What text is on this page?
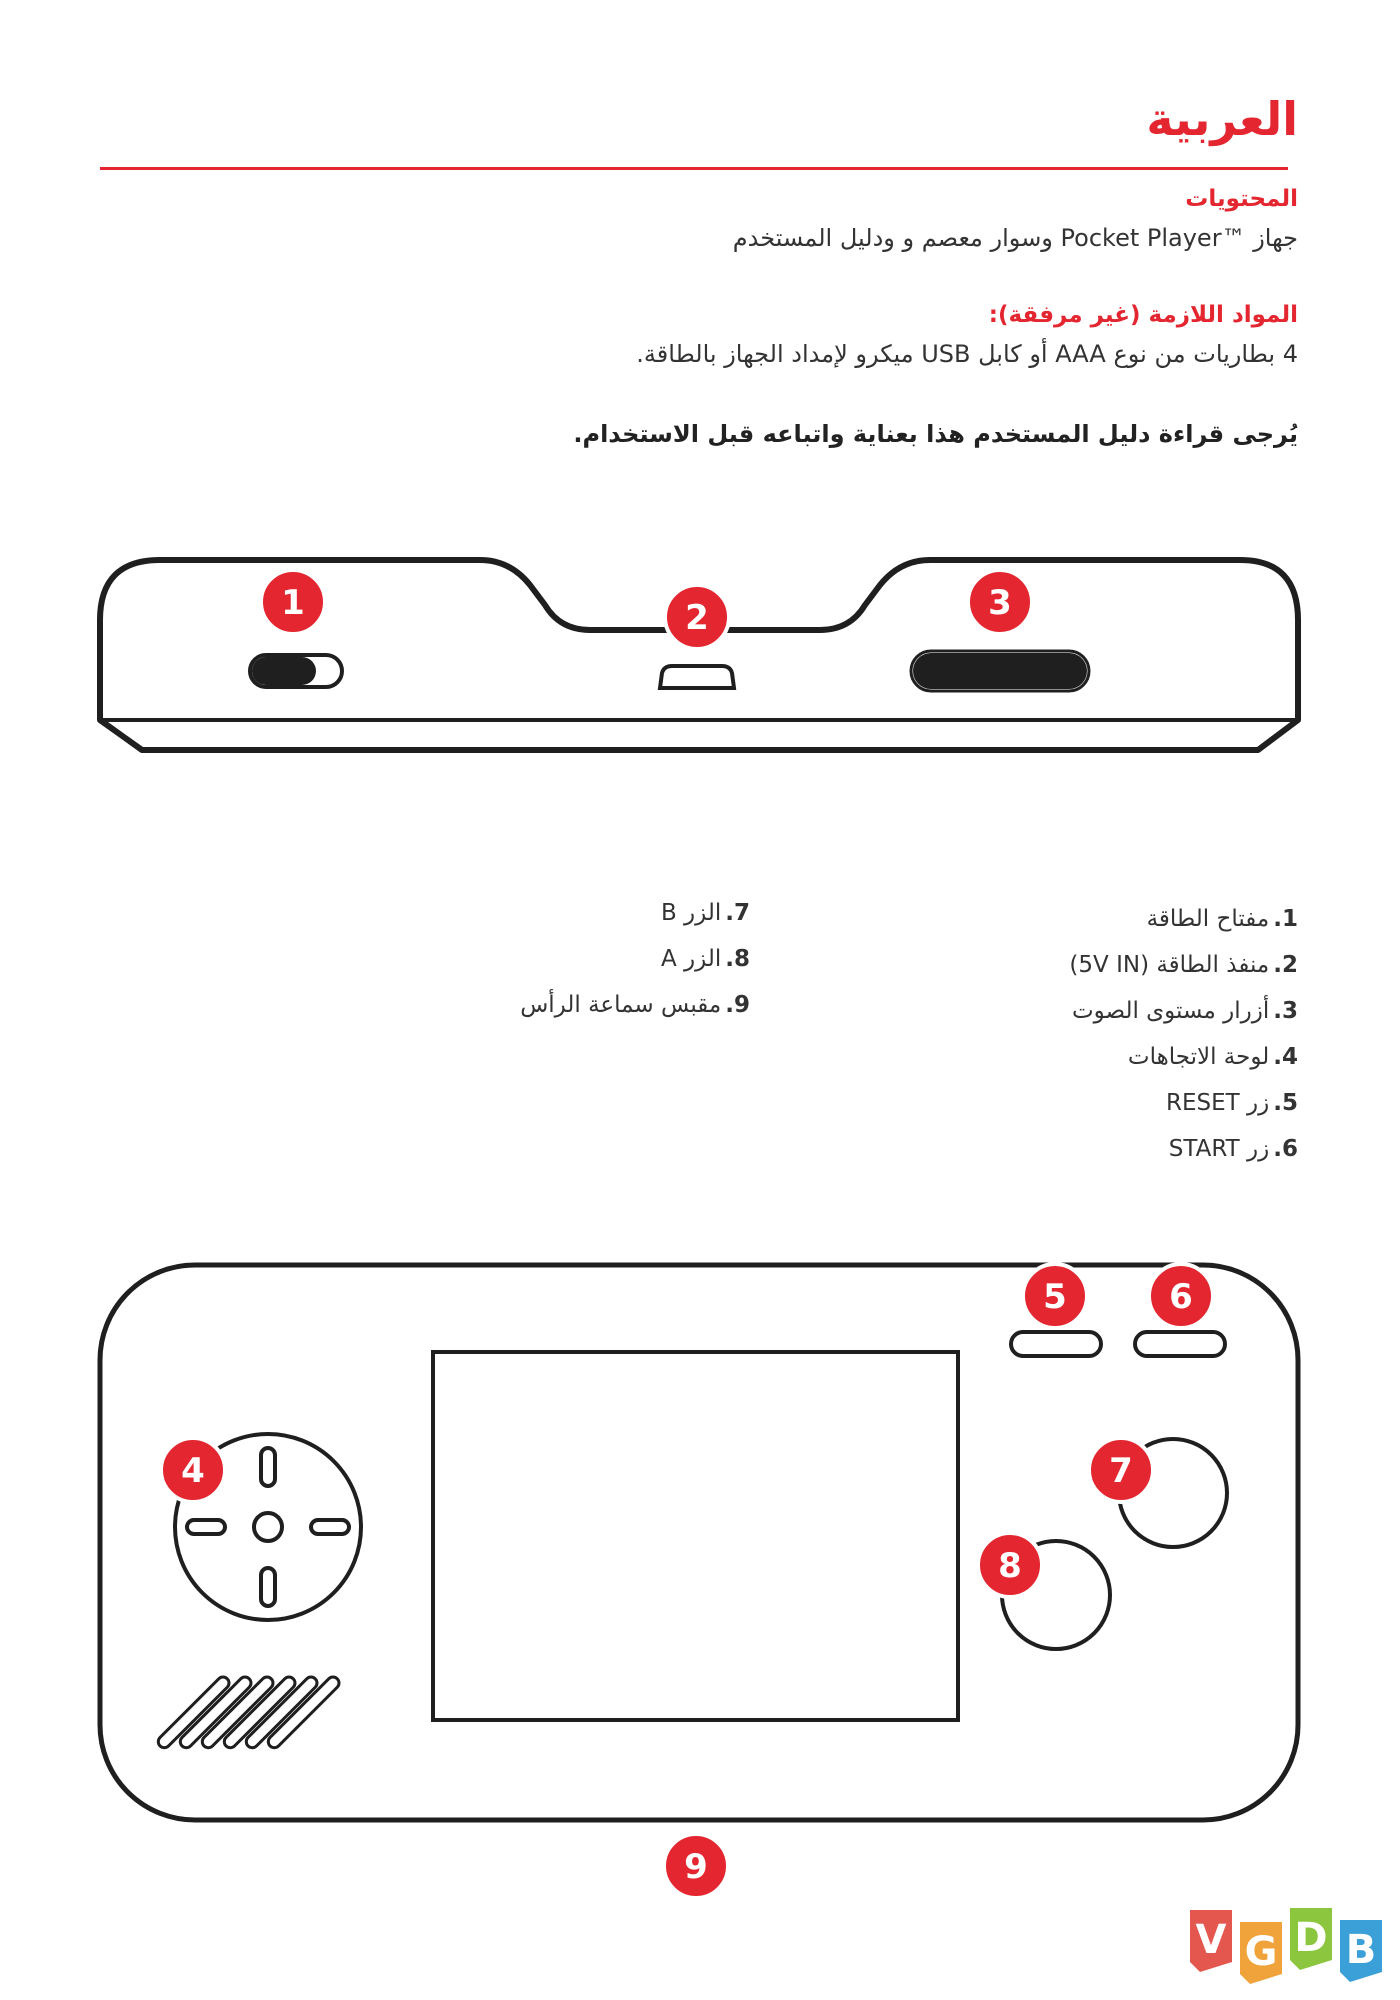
العربية
المحتويات
جهاز ™Pocket Player وسوار معصم و ودليل المستخدم
المواد اللازمة (غير مرفقة):
4 بطاريات من نوع AAA أو كابل USB ميكرو لإمداد الجهاز بالطاقة.
يُرجى قراءة دليل المستخدم هذا بعناية واتباعه قبل الاستخدام.
1	2	3
4
5	6
7
8
9
V G D B
1.مفتاح الطاقة
2.منفذ الطاقة (5V IN)
3.أزرار مستوى الصوت
4.لوحة الاتجاهات
5.زر RESET
6.زر START
7.الزر B
8.الزر A
9.مقبس سماعة الرأس
